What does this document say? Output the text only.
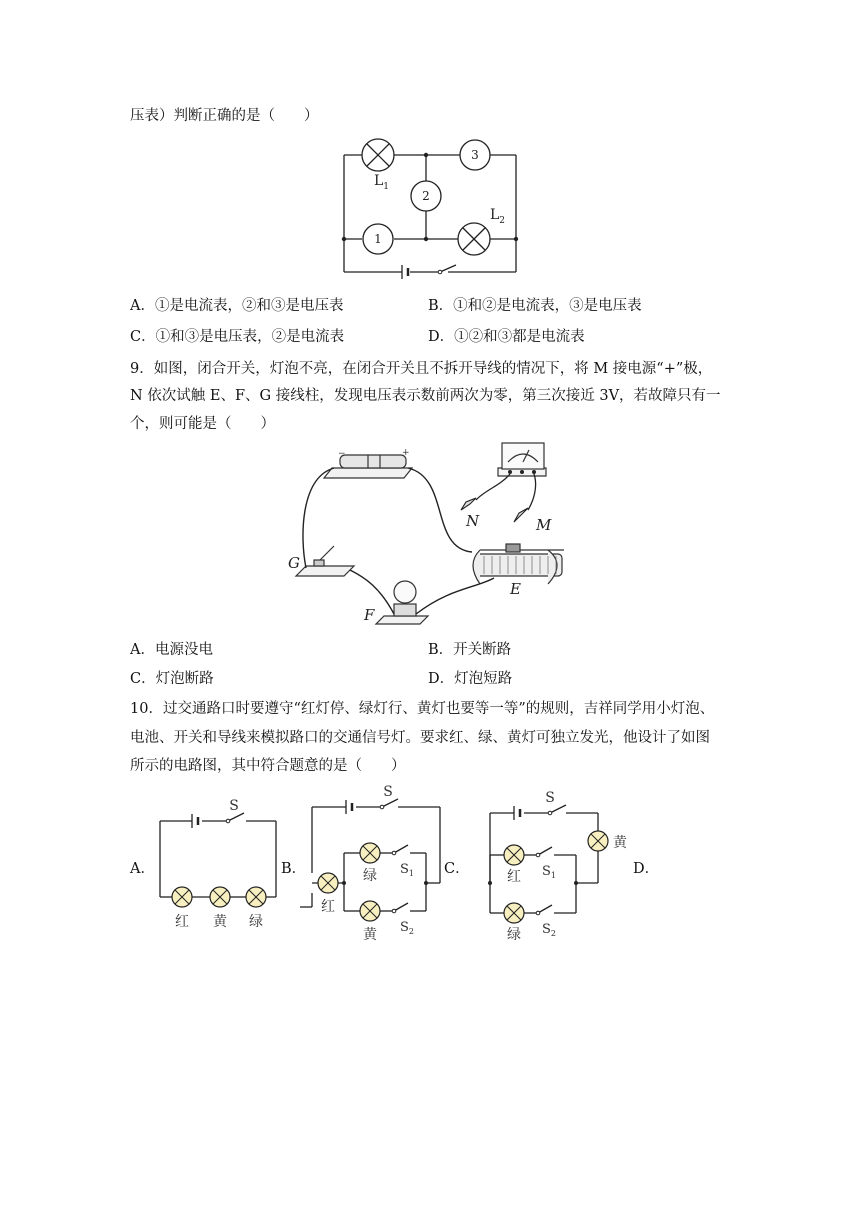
压表）判断正确的是（　　）
3
2
1
$L_1$
$L_2$
A．①是电流表，②和③是电压表	B．①和②是电流表，③是电压表
C．①和③是电压表，②是电流表	D．①②和③都是电流表
9．如图，闭合开关，灯泡不亮，在闭合开关且不拆开导线的情况下，将 M 接电源“+”极，
N 依次试触 E、F、G 接线柱，发现电压表示数前两次为零，第三次接近 3V，若故障只有一
个，则可能是（　　）
−	+
N	M
G
E
F
A．电源没电	B．开关断路
C．灯泡断路	D．灯泡短路
10．过交通路口时要遵守“红灯停、绿灯行、黄灯也要等一等”的规则，吉祥同学用小灯泡、
电池、开关和导线来模拟路口的交通信号灯。要求红、绿、黄灯可独立发光，他设计了如图
所示的电路图，其中符合题意的是（　　）
A．	B．	C．	D．
S
红 黄 绿
S
绿
红
黄
$S_1$
$S_2$
S
黄
红
绿
$S_1$
$S_2$
